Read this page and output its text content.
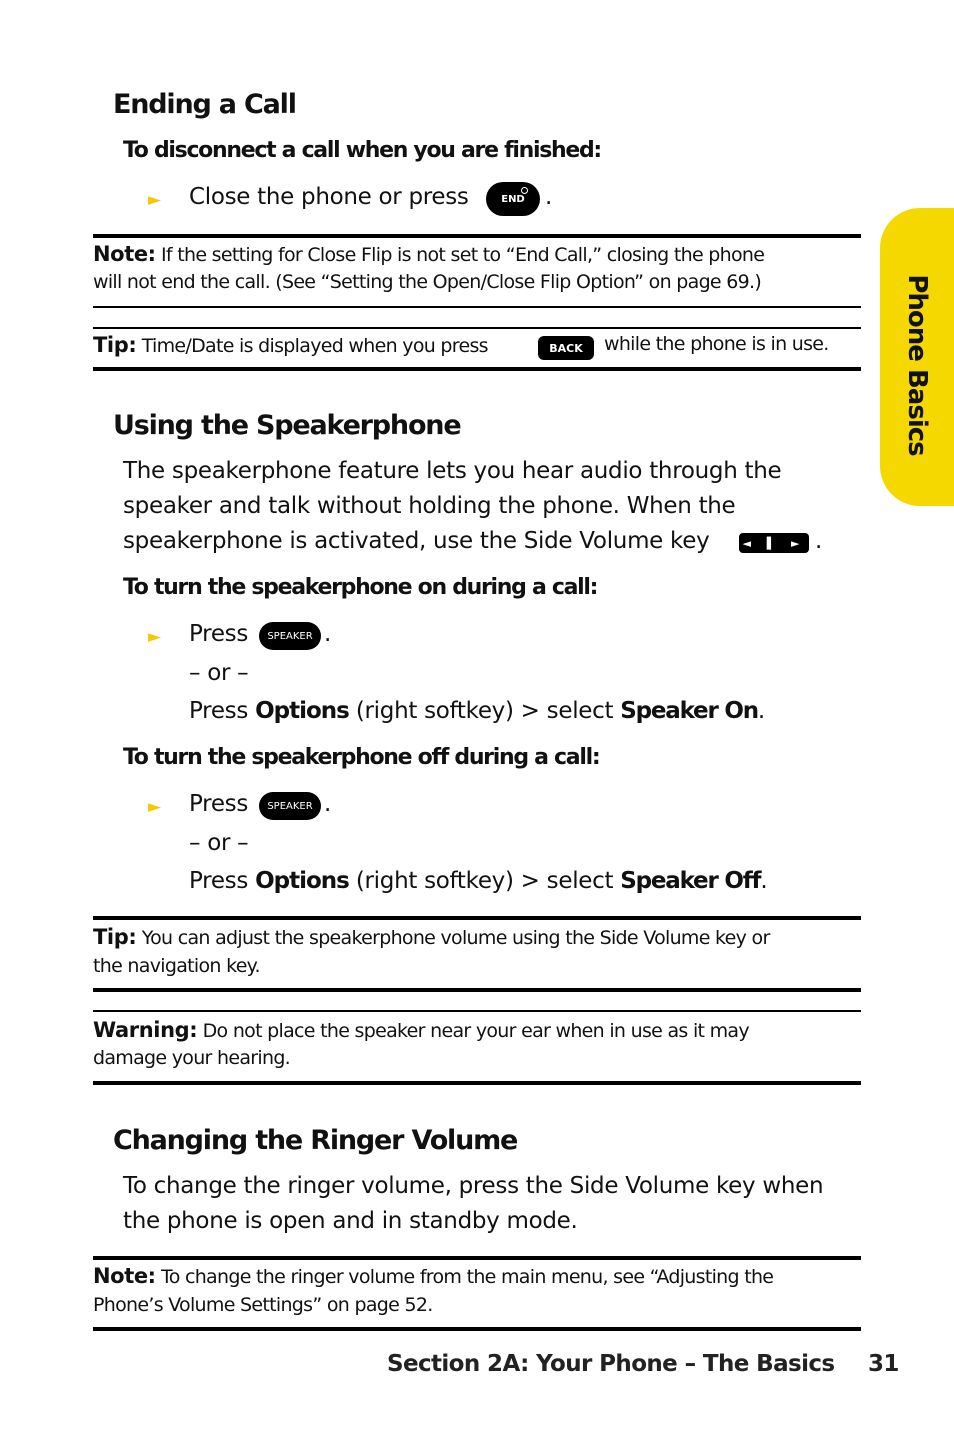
Phone Basics
Ending a Call
To disconnect a call when you are finished:
► Close the phone or press	END .
Note: If the setting for Close Flip is not set to “End Call,” closing the phone
will not end the call. (See “Setting the Open/Close Flip Option” on page 69.)
Tip: Time/Date is displayed when you press	BACK	while the phone is in use.
Using the Speakerphone
The speakerphone feature lets you hear audio through the
speaker and talk without holding the phone. When the
speakerphone is activated, use the Side Volume key	◄ ▌ ► .
To turn the speakerphone on during a call:
► Press	SPEAKER .
– or –
Press Options (right softkey) > select Speaker On.
To turn the speakerphone off during a call:
► Press	SPEAKER .
– or –
Press Options (right softkey) > select Speaker Off.
Tip: You can adjust the speakerphone volume using the Side Volume key or
the navigation key.
Warning: Do not place the speaker near your ear when in use as it may
damage your hearing.
Changing the Ringer Volume
To change the ringer volume, press the Side Volume key when
the phone is open and in standby mode.
Note: To change the ringer volume from the main menu, see “Adjusting the
Phone’s Volume Settings” on page 52.
Section 2A: Your Phone – The Basics 31
